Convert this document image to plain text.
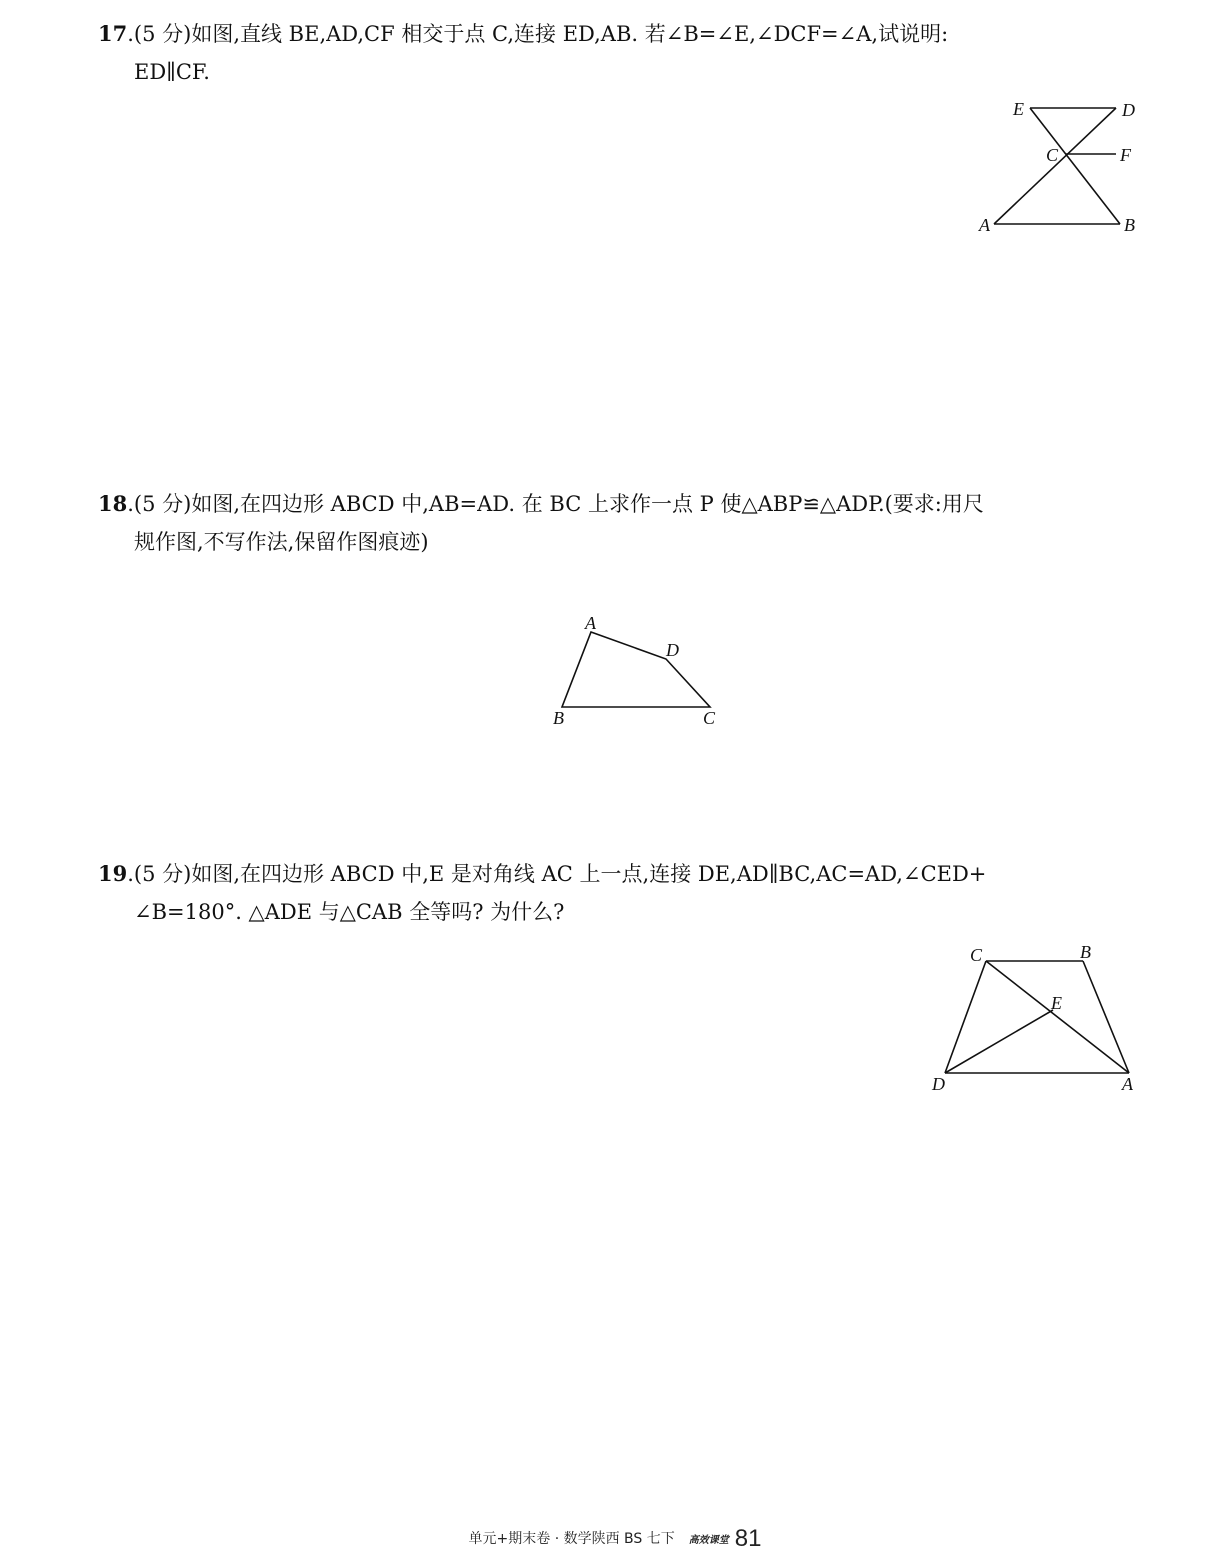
17.(5 分)如图,直线 BE,AD,CF 相交于点 C,连接 ED,AB. 若∠B=∠E,∠DCF=∠A,试说明:
ED∥CF.
E	D
C	F
A	B
18.(5 分)如图,在四边形 ABCD 中,AB=AD. 在 BC 上求作一点 P 使△ABP≌△ADP.(要求:用尺
规作图,不写作法,保留作图痕迹)
A
D
B	C
19.(5 分)如图,在四边形 ABCD 中,E 是对角线 AC 上一点,连接 DE,AD∥BC,AC=AD,∠CED+
∠B=180°. △ADE 与△CAB 全等吗? 为什么?
C	B
E
D	A
单元+期末卷 · 数学陕西 BS 七下 高效课堂 81
